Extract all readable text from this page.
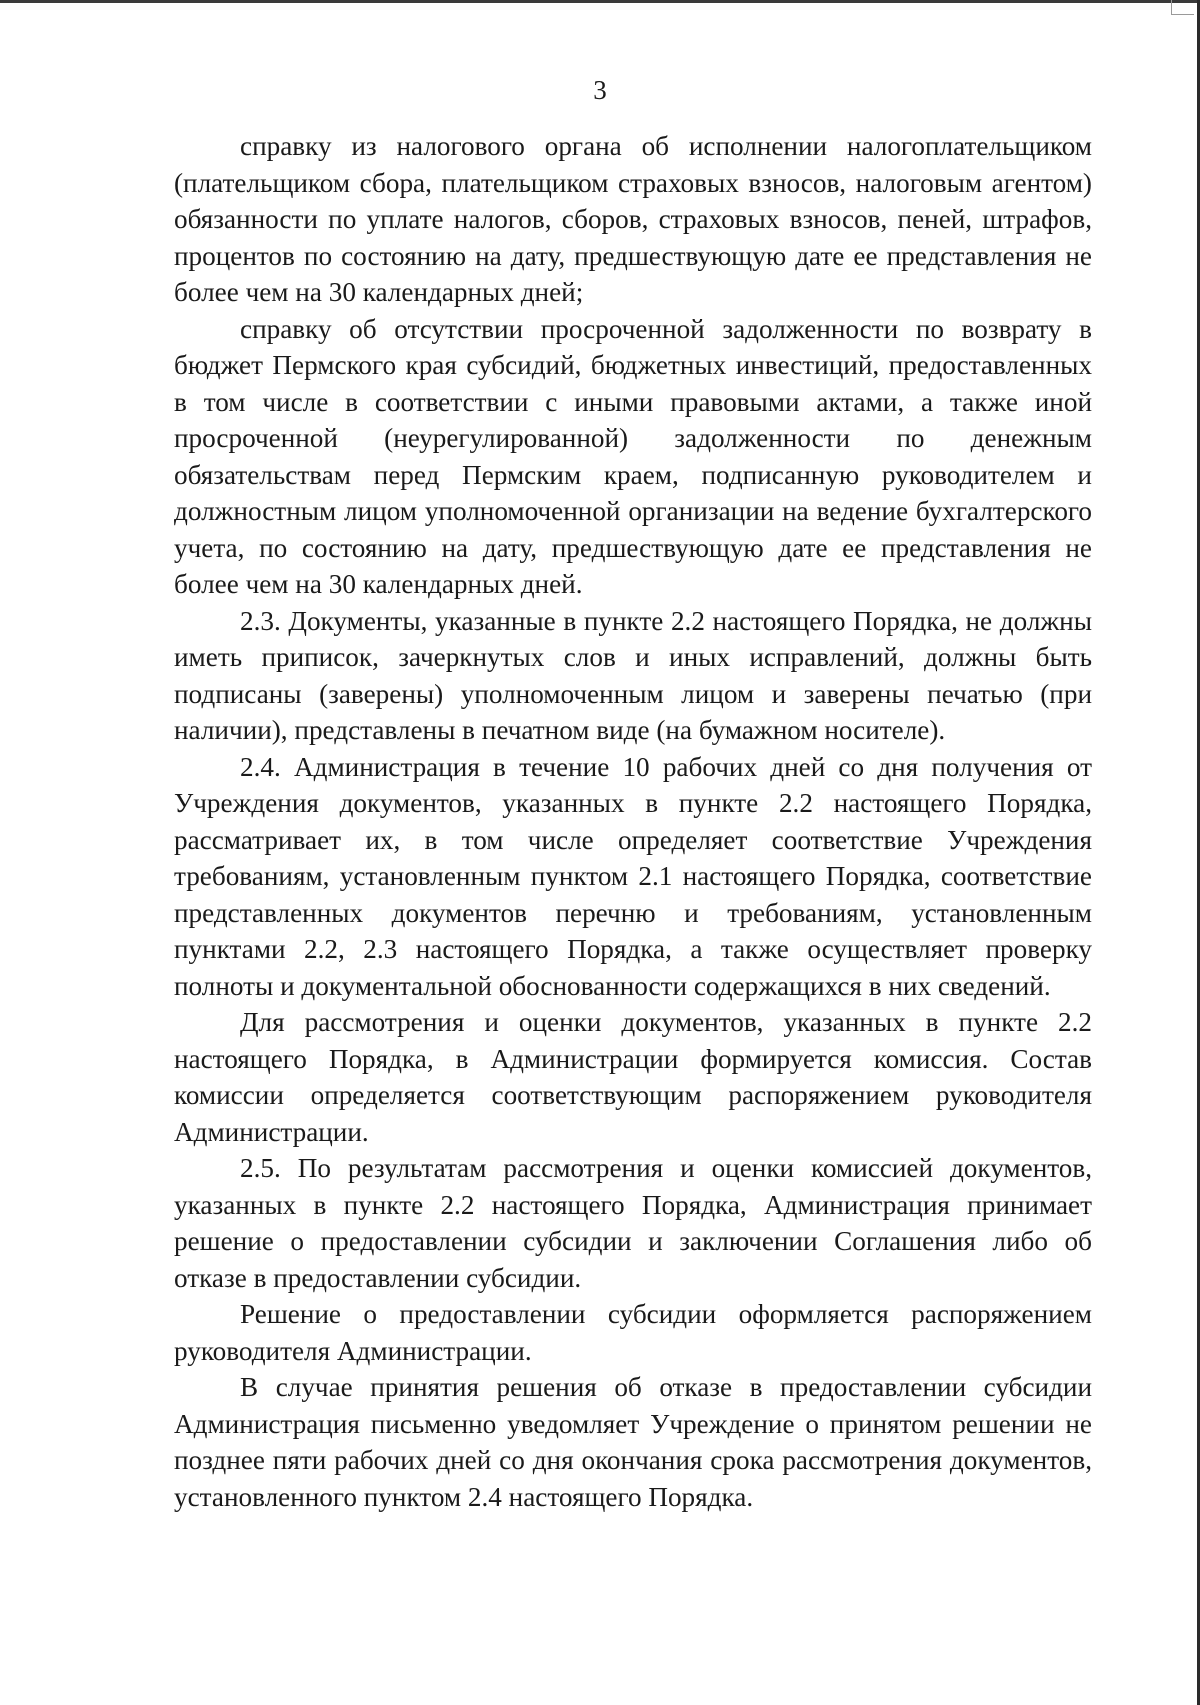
3

справку из налогового органа об исполнении налогоплательщиком (плательщиком сбора, плательщиком страховых взносов, налоговым агентом) обязанности по уплате налогов, сборов, страховых взносов, пеней, штрафов, процентов по состоянию на дату, предшествующую дате ее представления не более чем на 30 календарных дней;

справку об отсутствии просроченной задолженности по возврату в бюджет Пермского края субсидий, бюджетных инвестиций, предоставленных в том числе в соответствии с иными правовыми актами, а также иной просроченной (неурегулированной) задолженности по денежным обязательствам перед Пермским краем, подписанную руководителем и должностным лицом уполномоченной организации на ведение бухгалтерского учета, по состоянию на дату, предшествующую дате ее представления не более чем на 30 календарных дней.

2.3. Документы, указанные в пункте 2.2 настоящего Порядка, не должны иметь приписок, зачеркнутых слов и иных исправлений, должны быть подписаны (заверены) уполномоченным лицом и заверены печатью (при наличии), представлены в печатном виде (на бумажном носителе).

2.4. Администрация в течение 10 рабочих дней со дня получения от Учреждения документов, указанных в пункте 2.2 настоящего Порядка, рассматривает их, в том числе определяет соответствие Учреждения требованиям, установленным пунктом 2.1 настоящего Порядка, соответствие представленных документов перечню и требованиям, установленным пунктами 2.2, 2.3 настоящего Порядка, а также осуществляет проверку полноты и документальной обоснованности содержащихся в них сведений.

Для рассмотрения и оценки документов, указанных в пункте 2.2 настоящего Порядка, в Администрации формируется комиссия. Состав комиссии определяется соответствующим распоряжением руководителя Администрации.

2.5. По результатам рассмотрения и оценки комиссией документов, указанных в пункте 2.2 настоящего Порядка, Администрация принимает решение о предоставлении субсидии и заключении Соглашения либо об отказе в предоставлении субсидии.

Решение о предоставлении субсидии оформляется распоряжением руководителя Администрации.

В случае принятия решения об отказе в предоставлении субсидии Администрация письменно уведомляет Учреждение о принятом решении не позднее пяти рабочих дней со дня окончания срока рассмотрения документов, установленного пунктом 2.4 настоящего Порядка.
